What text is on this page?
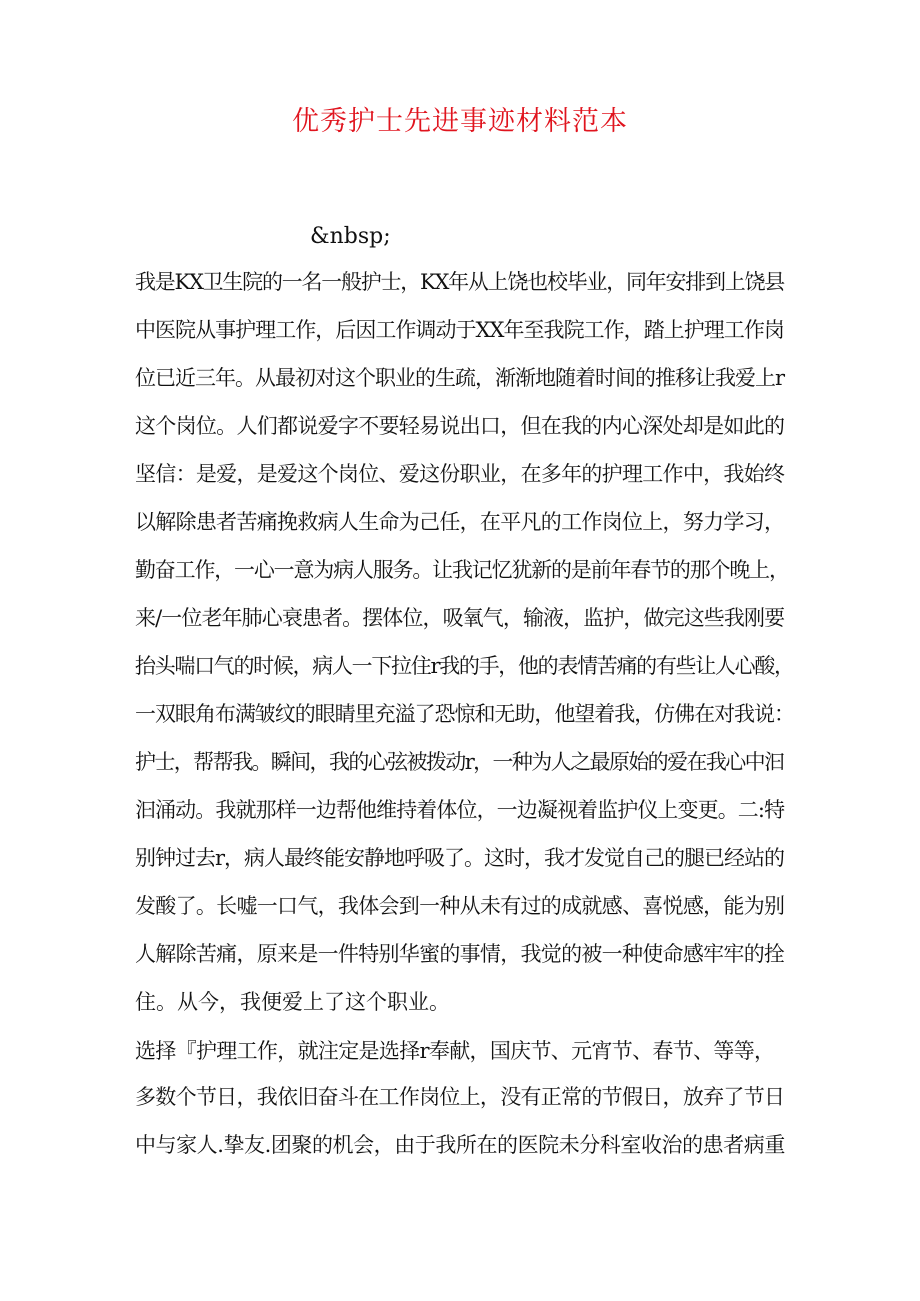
优秀护士先进事迹材料范本
&nbsp;
我是KX卫生院的一名一般护士，KX年从上饶也校毕业，同年安排到上饶县
中医院从事护理工作，后因工作调动于XX年至我院工作，踏上护理工作岗
位已近三年。从最初对这个职业的生疏，渐渐地随着时间的推移让我爱上r
这个岗位。人们都说爱字不要轻易说出口，但在我的内心深处却是如此的
坚信：是爱，是爱这个岗位、爱这份职业，在多年的护理工作中，我始终
以解除患者苦痛挽救病人生命为己任，在平凡的工作岗位上，努力学习，
勤奋工作，一心一意为病人服务。让我记忆犹新的是前年春节的那个晚上，
来/一位老年肺心衰患者。摆体位，吸氧气，输液，监护，做完这些我刚要
抬头喘口气的时候，病人一下拉住r我的手，他的表情苦痛的有些让人心酸，
一双眼角布满皱纹的眼睛里充溢了恐惊和无助，他望着我，仿佛在对我说：
护士，帮帮我。瞬间，我的心弦被拨动r，一种为人之最原始的爱在我心中汩
汩涌动。我就那样一边帮他维持着体位，一边凝视着监护仪上变更。二:特
别钟过去r，病人最终能安静地呼吸了。这时，我才发觉自己的腿已经站的
发酸了。长嘘一口气，我体会到一种从未有过的成就感、喜悦感，能为别
人解除苦痛，原来是一件特别华蜜的事情，我觉的被一种使命感牢牢的拴
住。从今，我便爱上了这个职业。
选择『护理工作，就注定是选择r奉献，国庆节、元宵节、春节、等等，
多数个节日，我依旧奋斗在工作岗位上，没有正常的节假日，放弃了节日
中与家人.挚友.团聚的机会，由于我所在的医院未分科室收治的患者病重
